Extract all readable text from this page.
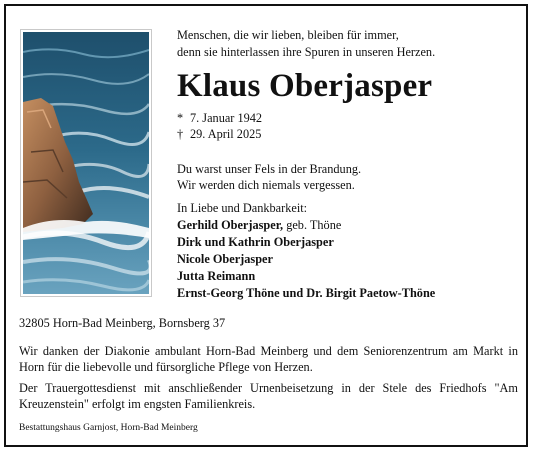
Menschen, die wir lieben, bleiben für immer,
denn sie hinterlassen ihre Spuren in unseren Herzen.
Klaus Oberjasper
* 7. Januar 1942
† 29. April 2025
Du warst unser Fels in der Brandung.
Wir werden dich niemals vergessen.
In Liebe und Dankbarkeit:
Gerhild Oberjasper, geb. Thöne
Dirk und Kathrin Oberjasper
Nicole Oberjasper
Jutta Reimann
Ernst-Georg Thöne und Dr. Birgit Paetow-Thöne
32805 Horn-Bad Meinberg, Bornsberg 37
Wir danken der Diakonie ambulant Horn-Bad Meinberg und dem Seniorenzentrum am Markt in Horn für die liebevolle und fürsorgliche Pflege von Herzen.
Der Trauergottesdienst mit anschließender Urnenbeisetzung in der Stele des Friedhofs "Am Kreuzenstein" erfolgt im engsten Familienkreis.
Bestattungshaus Garnjost, Horn-Bad Meinberg
